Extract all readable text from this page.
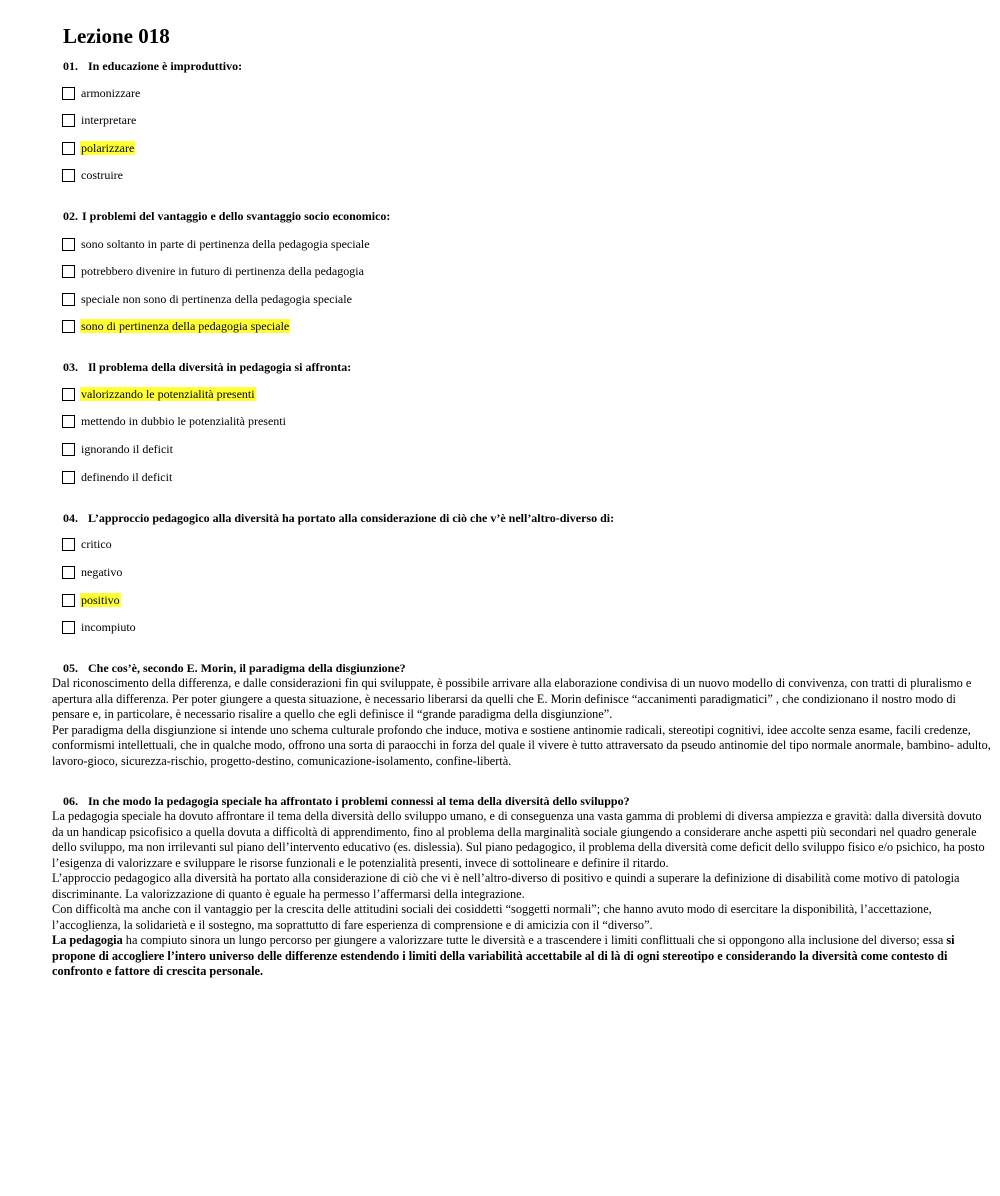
Lezione 018
01. In educazione è improduttivo:
armonizzare
interpretare
polarizzare
costruire
02. I problemi del vantaggio e dello svantaggio socio economico:
sono soltanto in parte di pertinenza della pedagogia speciale
potrebbero divenire in futuro di pertinenza della pedagogia
speciale non sono di pertinenza della pedagogia speciale
sono di pertinenza della pedagogia speciale
03. Il problema della diversità in pedagogia si affronta:
valorizzando le potenzialità presenti
mettendo in dubbio le potenzialità presenti
ignorando il deficit
definendo il deficit
04. L’approccio pedagogico alla diversità ha portato alla considerazione di ciò che v’è nell’altro-diverso di:
critico
negativo
positivo
incompiuto
05. Che cos’è, secondo E. Morin, il paradigma della disgiunzione?

Dal riconoscimento della differenza, e dalle considerazioni fin qui sviluppate, è possibile arrivare alla elaborazione condivisa di un nuovo modello di convivenza, con tratti di pluralismo e apertura alla differenza. Per poter giungere a questa situazione, è necessario liberarsi da quelli che E. Morin definisce “accanimenti paradigmatici” , che condizionano il nostro modo di pensare e, in particolare, è necessario risalire a quello che egli definisce il “grande paradigma della disgiunzione”.

Per paradigma della disgiunzione si intende uno schema culturale profondo che induce, motiva e sostiene antinomie radicali, stereotipi cognitivi, idee accolte senza esame, facili credenze, conformismi intellettuali, che in qualche modo, offrono una sorta di paraocchi in forza del quale il vivere è tutto attraversato da pseudo antinomie del tipo normale anormale, bambino- adulto, lavoro-gioco, sicurezza-rischio, progetto-destino, comunicazione-isolamento, confine-libertà.

06. In che modo la pedagogia speciale ha affrontato i problemi connessi al tema della diversità dello sviluppo?

La pedagogia speciale ha dovuto affrontare il tema della diversità dello sviluppo umano, e di conseguenza una vasta gamma di problemi di diversa ampiezza e gravità: dalla diversità dovuto da un handicap psicofisico a quella dovuta a difficoltà di apprendimento, fino al problema della marginalità sociale giungendo a considerare anche aspetti più secondari nel quadro generale dello sviluppo, ma non irrilevanti sul piano dell’intervento educativo (es. dislessia). Sul piano pedagogico, il problema della diversità come deficit dello sviluppo fisico e/o psichico, ha posto l’esigenza di valorizzare e sviluppare le risorse funzionali e le potenzialità presenti, invece di sottolineare e definire il ritardo.

L’approccio pedagogico alla diversità ha portato alla considerazione di ciò che vi è nell’altro-diverso di positivo e quindi a superare la definizione di disabilità come motivo di patologia discriminante. La valorizzazione di quanto è eguale ha permesso l’affermarsi della integrazione.

Con difficoltà ma anche con il vantaggio per la crescita delle attitudini sociali dei cosiddetti “soggetti normali”; che hanno avuto modo di esercitare la disponibilità, l’accettazione, l’accoglienza, la solidarietà e il sostegno, ma soprattutto di fare esperienza di comprensione e di amicizia con il “diverso”.

La pedagogia ha compiuto sinora un lungo percorso per giungere a valorizzare tutte le diversità e a trascendere i limiti conflittuali che si oppongono alla inclusione del diverso; essa si propone di accogliere l’intero universo delle differenze estendendo i limiti della variabilità accettabile al di là di ogni stereotipo e considerando la diversità come contesto di confronto e fattore di crescita personale.
